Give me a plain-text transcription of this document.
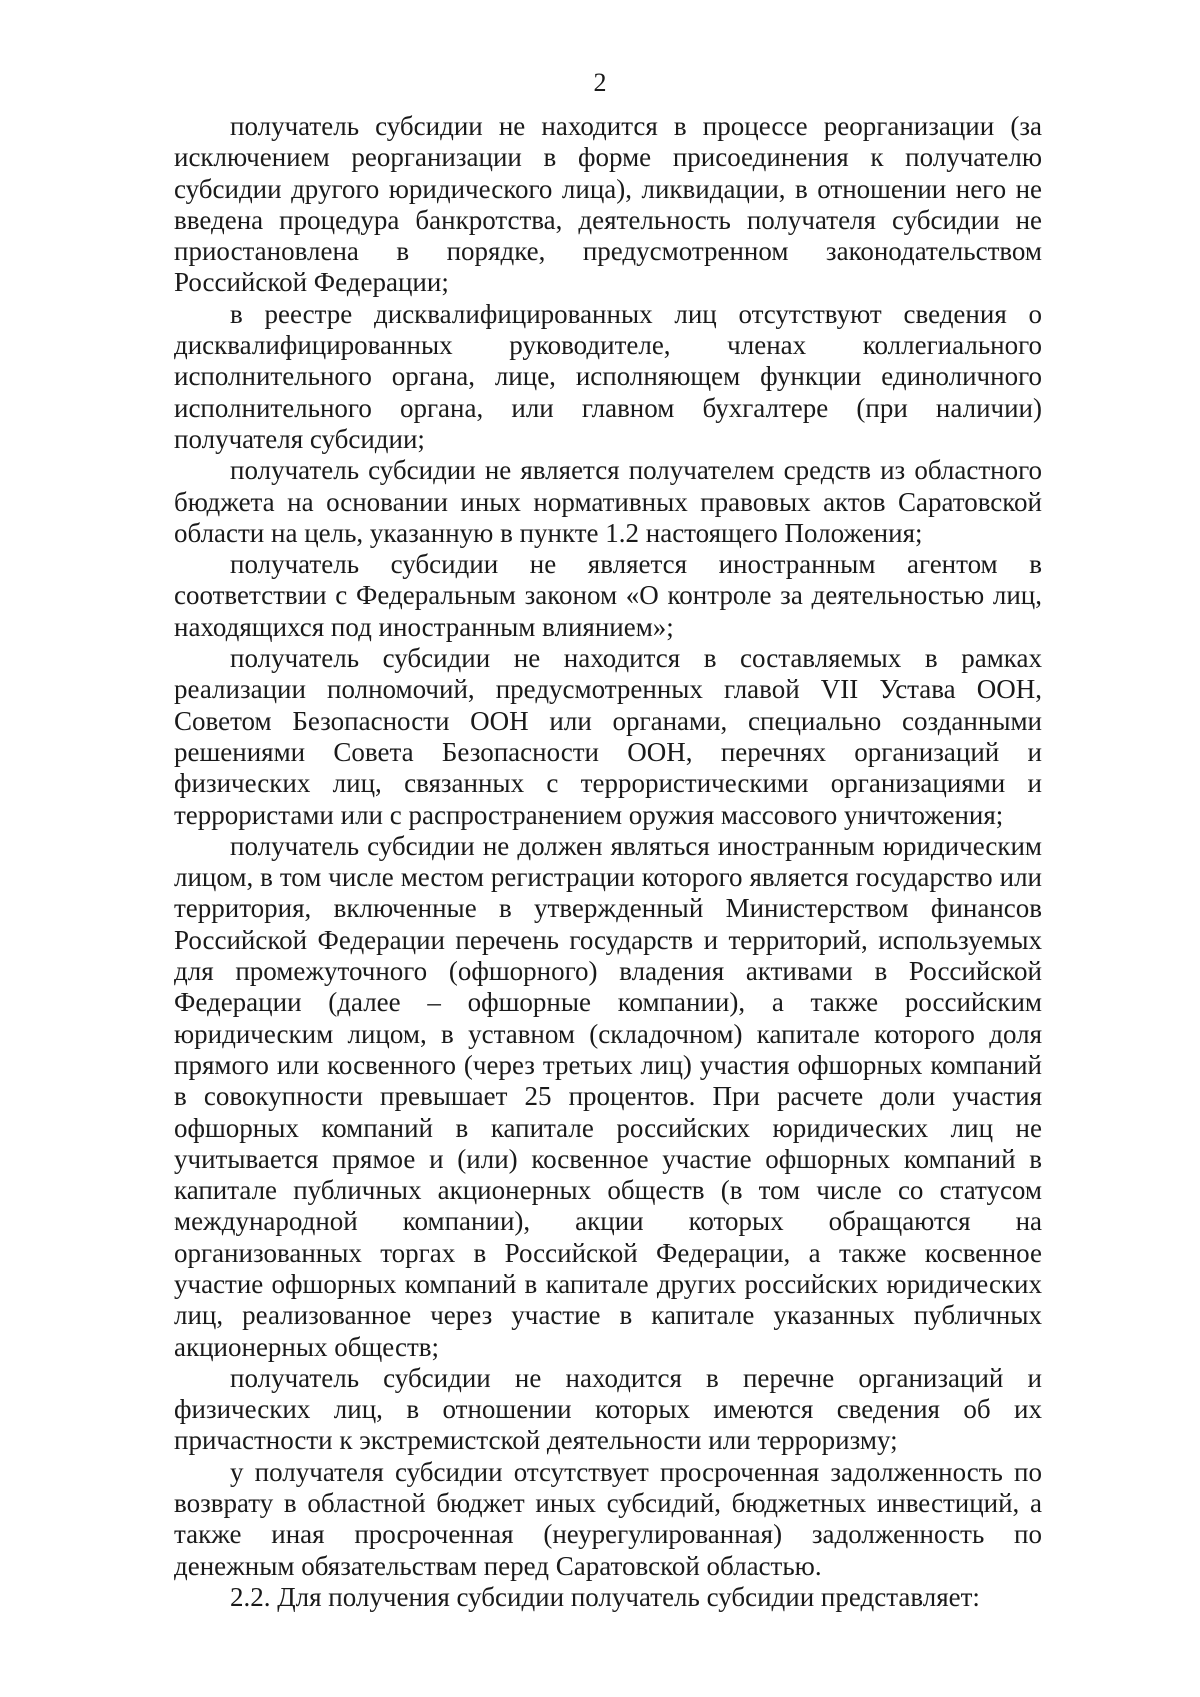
2

получатель субсидии не находится в процессе реорганизации (за исключением реорганизации в форме присоединения к получателю субсидии другого юридического лица), ликвидации, в отношении него не введена процедура банкротства, деятельность получателя субсидии не приостановлена в порядке, предусмотренном законодательством Российской Федерации;

в реестре дисквалифицированных лиц отсутствуют сведения о дисквалифицированных руководителе, членах коллегиального исполнительного органа, лице, исполняющем функции единоличного исполнительного органа, или главном бухгалтере (при наличии) получателя субсидии;

получатель субсидии не является получателем средств из областного бюджета на основании иных нормативных правовых актов Саратовской области на цель, указанную в пункте 1.2 настоящего Положения;

получатель субсидии не является иностранным агентом в соответствии с Федеральным законом «О контроле за деятельностью лиц, находящихся под иностранным влиянием»;

получатель субсидии не находится в составляемых в рамках реализации полномочий, предусмотренных главой VII Устава ООН, Советом Безопасности ООН или органами, специально созданными решениями Совета Безопасности ООН, перечнях организаций и физических лиц, связанных с террористическими организациями и террористами или с распространением оружия массового уничтожения;

получатель субсидии не должен являться иностранным юридическим лицом, в том числе местом регистрации которого является государство или территория, включенные в утвержденный Министерством финансов Российской Федерации перечень государств и территорий, используемых для промежуточного (офшорного) владения активами в Российской Федерации (далее – офшорные компании), а также российским юридическим лицом, в уставном (складочном) капитале которого доля прямого или косвенного (через третьих лиц) участия офшорных компаний в совокупности превышает 25 процентов. При расчете доли участия офшорных компаний в капитале российских юридических лиц не учитывается прямое и (или) косвенное участие офшорных компаний в капитале публичных акционерных обществ (в том числе со статусом международной компании), акции которых обращаются на организованных торгах в Российской Федерации, а также косвенное участие офшорных компаний в капитале других российских юридических лиц, реализованное через участие в капитале указанных публичных акционерных обществ;

получатель субсидии не находится в перечне организаций и физических лиц, в отношении которых имеются сведения об их причастности к экстремистской деятельности или терроризму;

у получателя субсидии отсутствует просроченная задолженность по возврату в областной бюджет иных субсидий, бюджетных инвестиций, а также иная просроченная (неурегулированная) задолженность по денежным обязательствам перед Саратовской областью.

2.2. Для получения субсидии получатель субсидии представляет:
